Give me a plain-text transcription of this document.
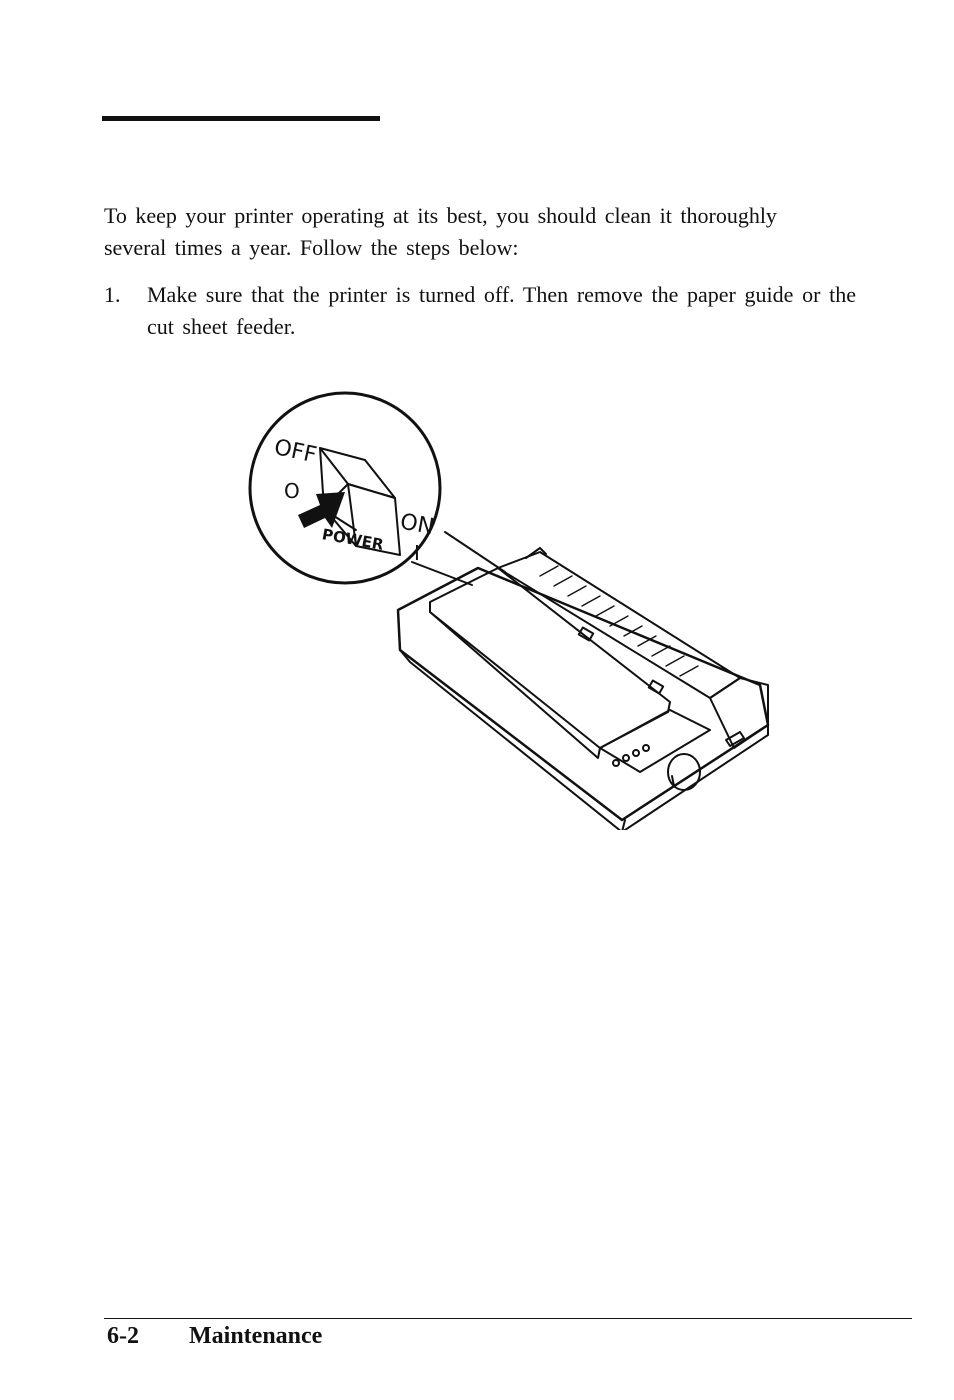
To keep your printer operating at its best, you should clean it thoroughly several times a year. Follow the steps below:

1. Make sure that the printer is turned off. Then remove the paper guide or the cut sheet feeder.
OFF
O
ON
I
POWER
6-2 Maintenance
